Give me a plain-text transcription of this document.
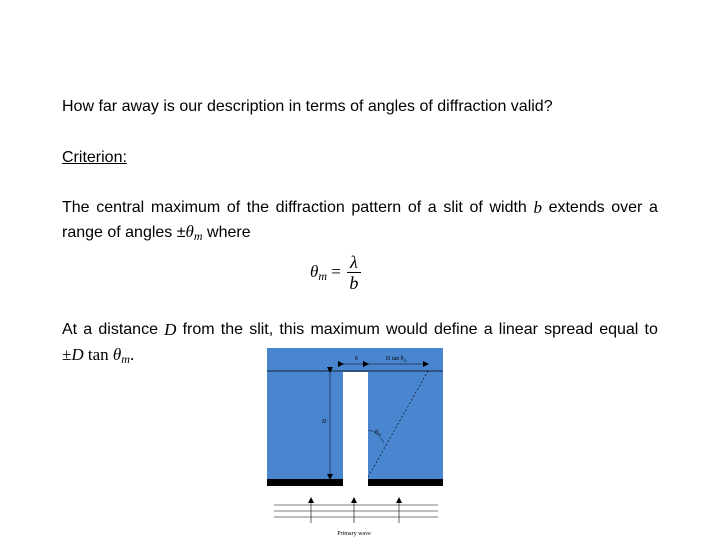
How far away is our description in terms of angles of diffraction valid?
Criterion:
The central maximum of the diffraction pattern of a slit of width b extends over a
range of angles $\pm\theta_m$ where
$\theta_m = \frac{\lambda}{b}$
At a distance D from the slit, this maximum would define a linear spread equal to
±D $\tan \theta_m$.	b	D $\tan \theta_m$
D
$\theta_m$
Primary wave
